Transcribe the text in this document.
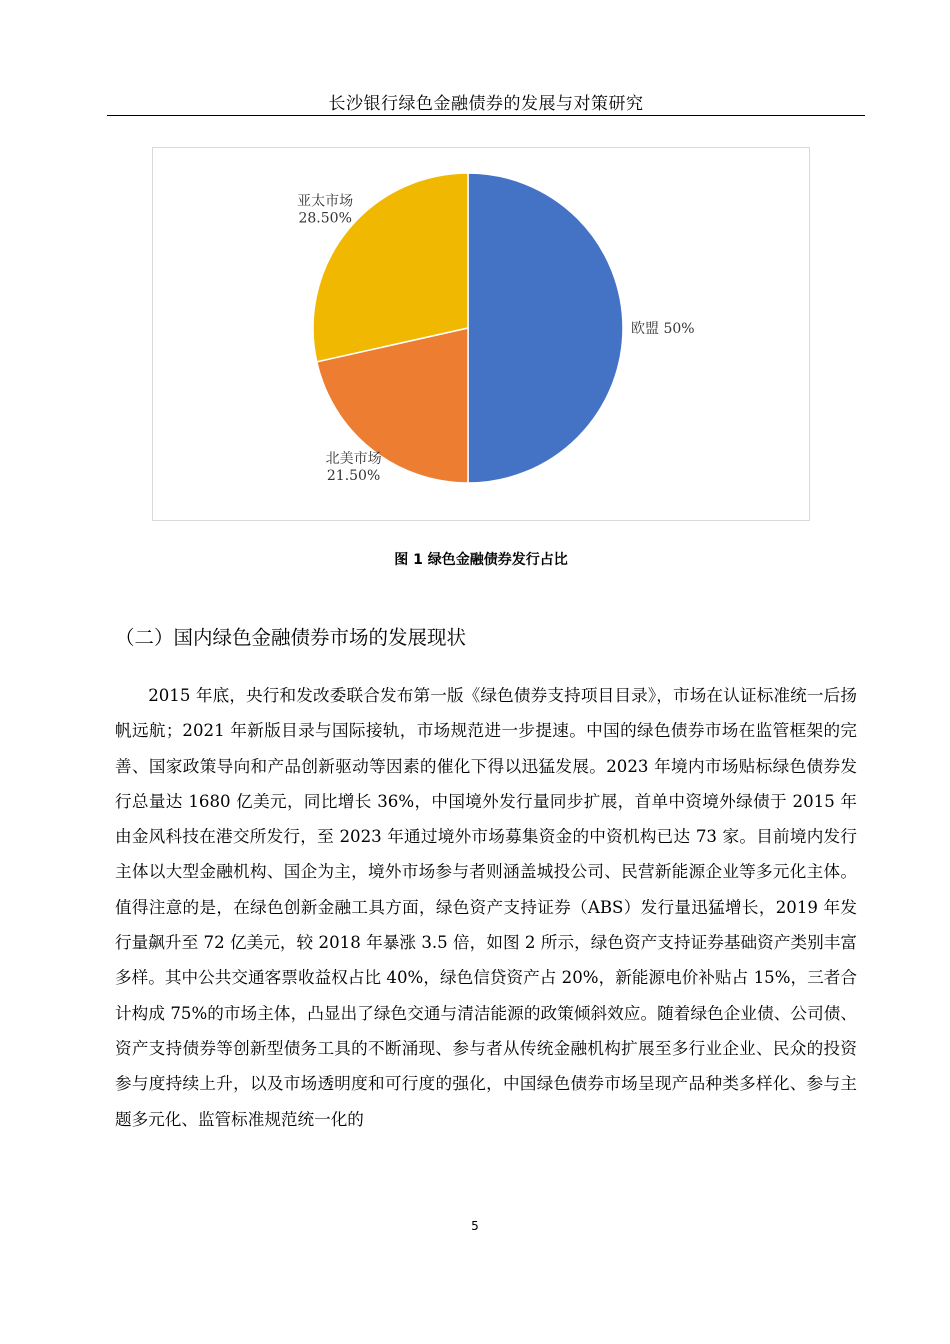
长沙银行绿色金融债券的发展与对策研究
欧盟 50%
北美市场 21.50%
亚太市场 28.50%
图 1 绿色金融债券发行占比
（二）国内绿色金融债券市场的发展现状

2015 年底，央行和发改委联合发布第一版《绿色债券支持项目目录》，市场在认证标准统一后扬帆远航；2021 年新版目录与国际接轨，市场规范进一步提速。中国的绿色债券市场在监管框架的完善、国家政策导向和产品创新驱动等因素的催化下得以迅猛发展。2023 年境内市场贴标绿色债券发行总量达 1680 亿美元，同比增长 36%，中国境外发行量同步扩展，首单中资境外绿债于 2015 年由金风科技在港交所发行，至 2023 年通过境外市场募集资金的中资机构已达 73 家。目前境内发行主体以大型金融机构、国企为主，境外市场参与者则涵盖城投公司、民营新能源企业等多元化主体。值得注意的是，在绿色创新金融工具方面，绿色资产支持证券（ABS）发行量迅猛增长，2019 年发行量飙升至 72 亿美元，较 2018 年暴涨 3.5 倍，如图 2 所示，绿色资产支持证券基础资产类别丰富多样。其中公共交通客票收益权占比 40%，绿色信贷资产占 20%，新能源电价补贴占 15%，三者合计构成 75%的市场主体，凸显出了绿色交通与清洁能源的政策倾斜效应。随着绿色企业债、公司债、资产支持债券等创新型债务工具的不断涌现、参与者从传统金融机构扩展至多行业企业、民众的投资参与度持续上升，以及市场透明度和可行度的强化，中国绿色债券市场呈现产品种类多样化、参与主题多元化、监管标准规范统一化的

5
